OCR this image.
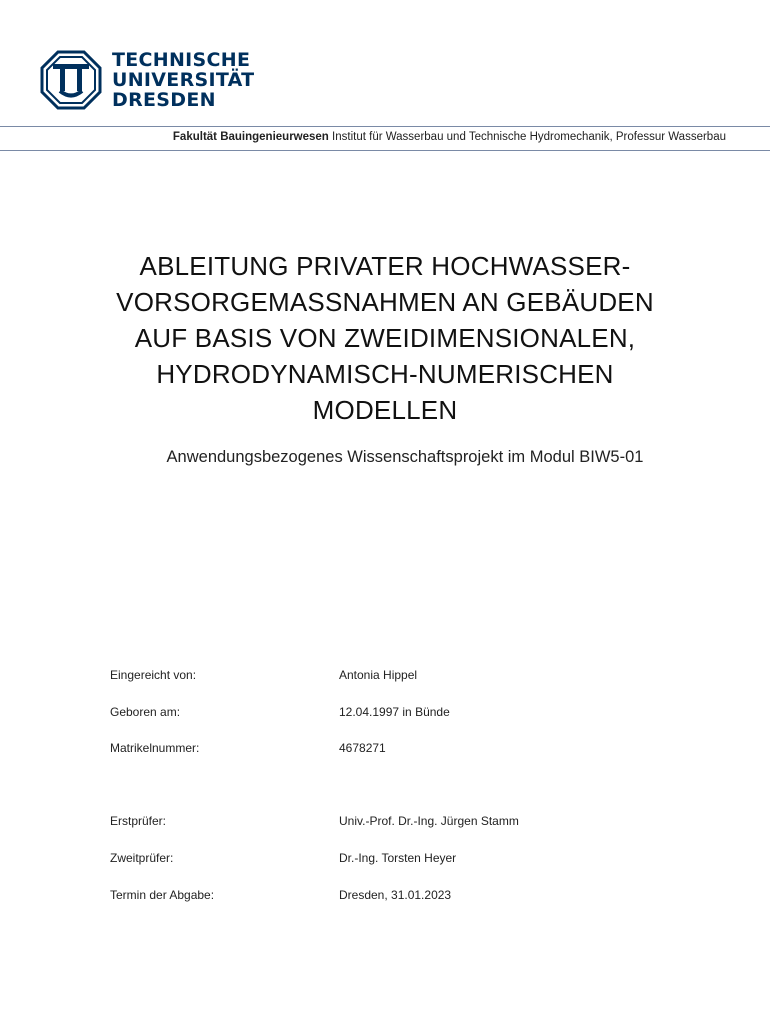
TECHNISCHE
UNIVERSITÄT
DRESDEN
Fakultät Bauingenieurwesen Institut für Wasserbau und Technische Hydromechanik, Professur Wasserbau
ABLEITUNG PRIVATER HOCHWASSER-
VORSORGEMASSNAHMEN AN GEBÄUDEN
AUF BASIS VON ZWEIDIMENSIONALEN,
HYDRODYNAMISCH-NUMERISCHEN
MODELLEN
Anwendungsbezogenes Wissenschaftsprojekt im Modul BIW5-01
Eingereicht von:	Antonia Hippel
Geboren am:	12.04.1997 in Bünde
Matrikelnummer:	4678271
Erstprüfer:	Univ.-Prof. Dr.-Ing. Jürgen Stamm
Zweitprüfer:	Dr.-Ing. Torsten Heyer
Termin der Abgabe:	Dresden, 31.01.2023
